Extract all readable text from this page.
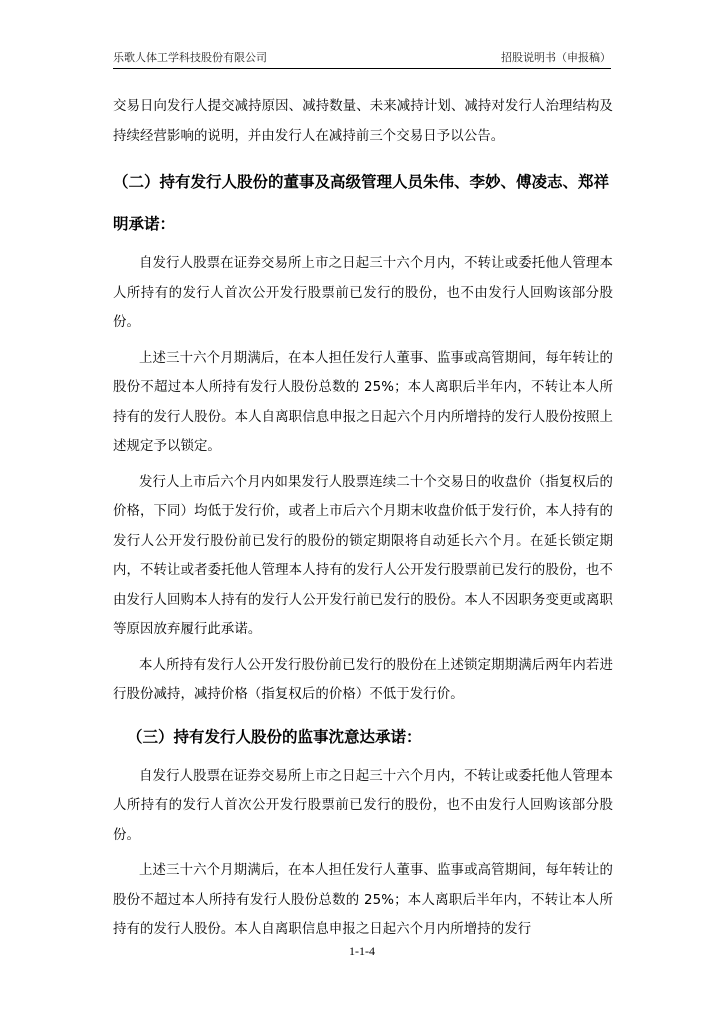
乐歌人体工学科技股份有限公司	招股说明书（申报稿）

交易日向发行人提交减持原因、减持数量、未来减持计划、减持对发行人治理结构及持续经营影响的说明，并由发行人在减持前三个交易日予以公告。

（二）持有发行人股份的董事及高级管理人员朱伟、李妙、傅凌志、郑祥明承诺：

自发行人股票在证券交易所上市之日起三十六个月内，不转让或委托他人管理本人所持有的发行人首次公开发行股票前已发行的股份，也不由发行人回购该部分股份。

上述三十六个月期满后，在本人担任发行人董事、监事或高管期间，每年转让的股份不超过本人所持有发行人股份总数的 25%；本人离职后半年内，不转让本人所持有的发行人股份。本人自离职信息申报之日起六个月内所增持的发行人股份按照上述规定予以锁定。

发行人上市后六个月内如果发行人股票连续二十个交易日的收盘价（指复权后的价格，下同）均低于发行价，或者上市后六个月期末收盘价低于发行价，本人持有的发行人公开发行股份前已发行的股份的锁定期限将自动延长六个月。在延长锁定期内，不转让或者委托他人管理本人持有的发行人公开发行股票前已发行的股份，也不由发行人回购本人持有的发行人公开发行前已发行的股份。本人不因职务变更或离职等原因放弃履行此承诺。

本人所持有发行人公开发行股份前已发行的股份在上述锁定期期满后两年内若进行股份减持，减持价格（指复权后的价格）不低于发行价。

（三）持有发行人股份的监事沈意达承诺：

自发行人股票在证券交易所上市之日起三十六个月内，不转让或委托他人管理本人所持有的发行人首次公开发行股票前已发行的股份，也不由发行人回购该部分股份。

上述三十六个月期满后，在本人担任发行人董事、监事或高管期间，每年转让的股份不超过本人所持有发行人股份总数的 25%；本人离职后半年内，不转让本人所持有的发行人股份。本人自离职信息申报之日起六个月内所增持的发行

1-1-4
